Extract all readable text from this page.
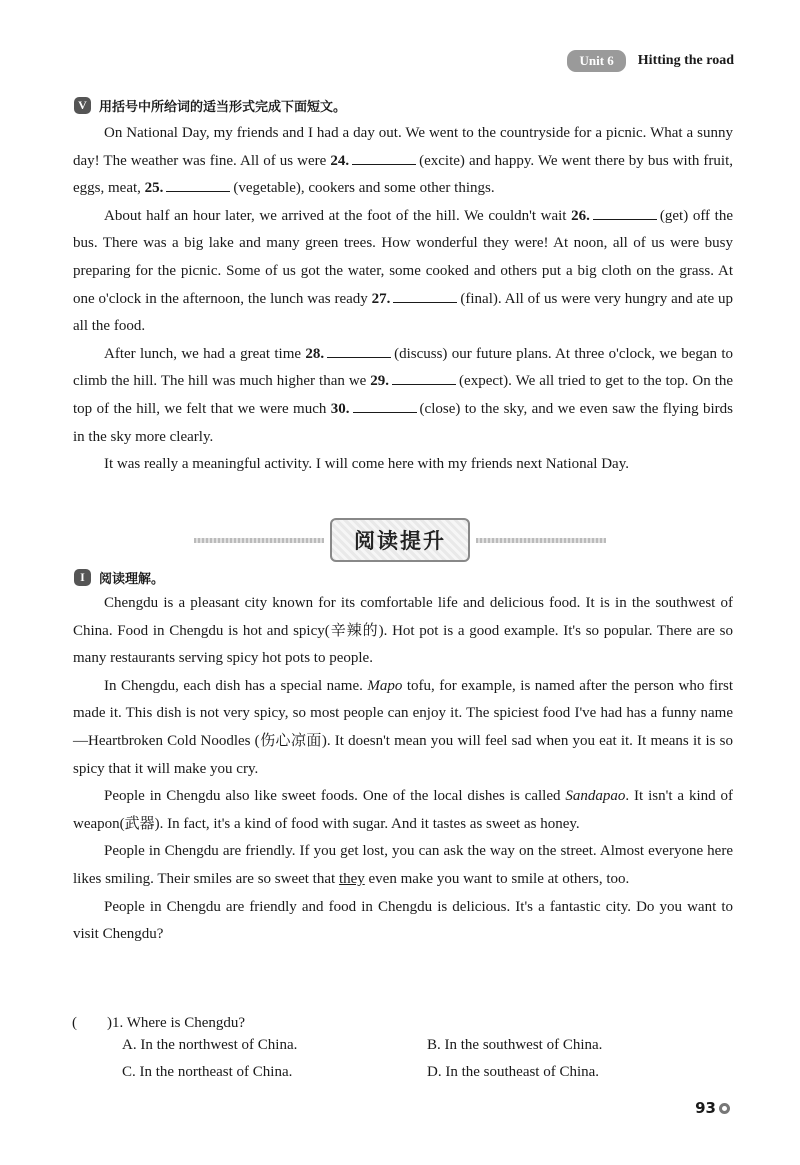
Unit 6	Hitting the road
V 用括号中所给词的适当形式完成下面短文。

On National Day, my friends and I had a day out. We went to the countryside for a picnic. What a sunny day! The weather was fine. All of us were 24.	(excite) and happy. We went there by bus with fruit, eggs, meat, 25.	(vegetable), cookers and some other things.

About half an hour later, we arrived at the foot of the hill. We couldn't wait 26.	(get) off the bus. There was a big lake and many green trees. How wonderful they were! At noon, all of us were busy preparing for the picnic. Some of us got the water, some cooked and others put a big cloth on the grass. At one o'clock in the afternoon, the lunch was ready 27.	(final). All of us were very hungry and ate up all the food.

After lunch, we had a great time 28.	(discuss) our future plans. At three o'clock, we began to climb the hill. The hill was much higher than we 29.	(expect). We all tried to get to the top. On the top of the hill, we felt that we were much 30.	(close) to the sky, and we even saw the flying birds in the sky more clearly.

It was really a meaningful activity. I will come here with my friends next National Day.

阅读提升
I	阅读理解。

Chengdu is a pleasant city known for its comfortable life and delicious food. It is in the southwest of China. Food in Chengdu is hot and spicy(辛辣的). Hot pot is a good example. It's so popular. There are so many restaurants serving spicy hot pots to people.

In Chengdu, each dish has a special name. Mapo tofu, for example, is named after the person who first made it. This dish is not very spicy, so most people can enjoy it. The spiciest food I've had has a funny name—Heartbroken Cold Noodles (伤心凉面). It doesn't mean you will feel sad when you eat it. It means it is so spicy that it will make you cry.

People in Chengdu also like sweet foods. One of the local dishes is called Sandapao. It isn't a kind of weapon(武器). In fact, it's a kind of food with sugar. And it tastes as sweet as honey.

People in Chengdu are friendly. If you get lost, you can ask the way on the street. Almost everyone here likes smiling. Their smiles are so sweet that they even make you want to smile at others, too.

People in Chengdu are friendly and food in Chengdu is delicious. It's a fantastic city. Do you want to visit Chengdu?

(　　)1. Where is Chengdu?
A. In the northwest of China.	B. In the southwest of China.
C. In the northeast of China.	D. In the southeast of China.
93
